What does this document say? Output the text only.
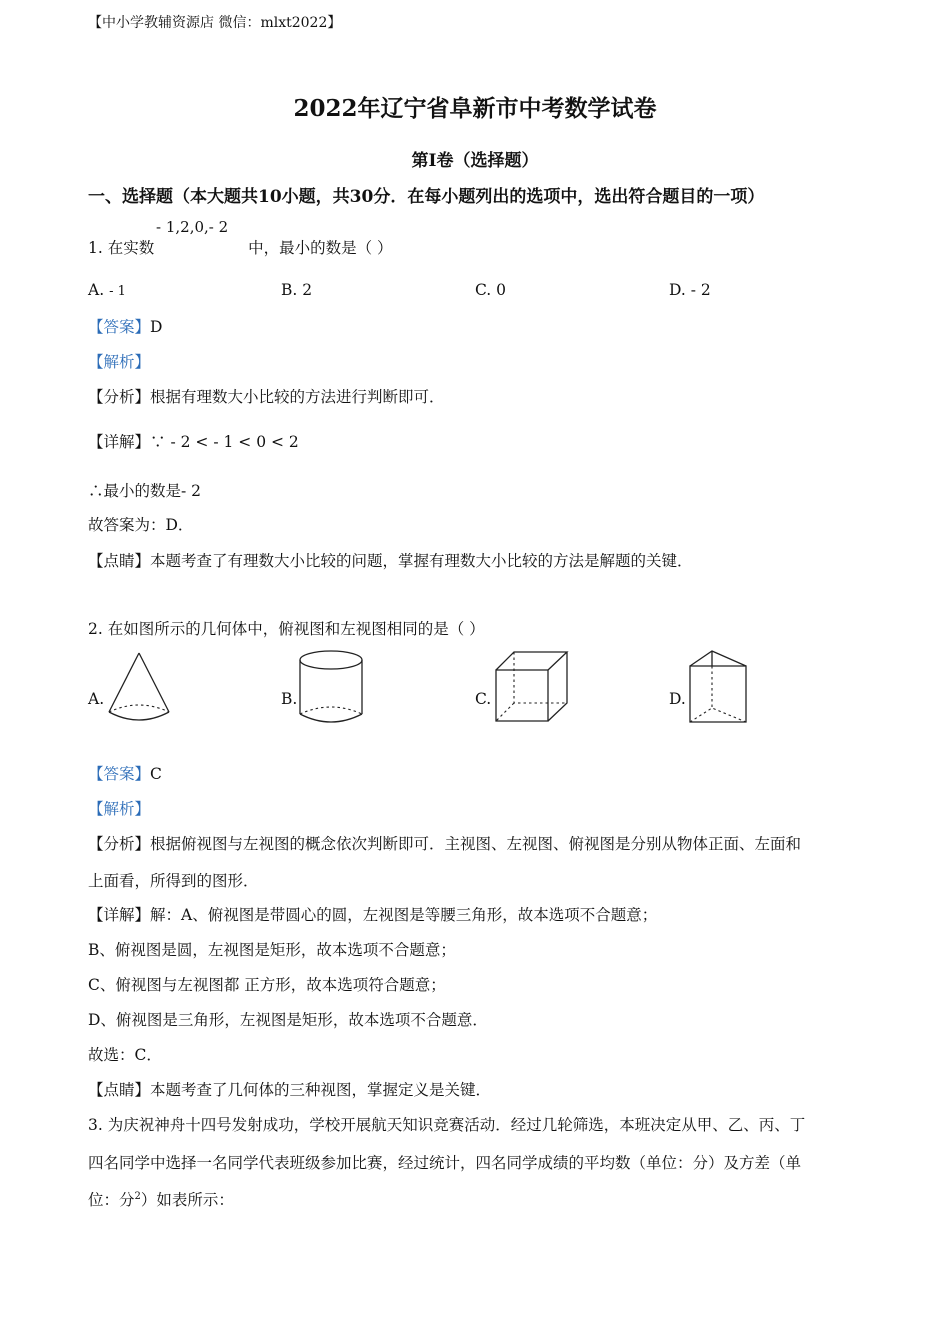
【中小学教辅资源店 微信：mlxt2022】
2022年辽宁省阜新市中考数学试卷
第I卷（选择题）
一、选择题（本大题共10小题，共30分．在每小题列出的选项中，选出符合题目的一项）
1. 在实数	中，最小的数是（ ）
- 1,2,0,- 2
A. - 1	B. 2	C. 0	D. - 2
【答案】D
【解析】
【分析】根据有理数大小比较的方法进行判断即可．
【详解】∵ - 2 < - 1 < 0 < 2
∴最小的数是- 2
故答案为：D．
【点睛】本题考查了有理数大小比较的问题，掌握有理数大小比较的方法是解题的关键．
2. 在如图所示的几何体中，俯视图和左视图相同的是（ ）
A.	B.	C.	D.
【答案】C
【解析】
【分析】根据俯视图与左视图的概念依次判断即可．主视图、左视图、俯视图是分别从物体正面、左面和
上面看，所得到的图形．
【详解】解：A、俯视图是带圆心的圆，左视图是等腰三角形，故本选项不合题意；
B、俯视图是圆，左视图是矩形，故本选项不合题意；
C、俯视图与左视图都 正方形，故本选项符合题意；
D、俯视图是三角形，左视图是矩形，故本选项不合题意．
故选：C．
【点睛】本题考查了几何体的三种视图，掌握定义是关键．
3. 为庆祝神舟十四号发射成功，学校开展航天知识竞赛活动．经过几轮筛选，本班决定从甲、乙、丙、丁
四名同学中选择一名同学代表班级参加比赛，经过统计，四名同学成绩的平均数（单位：分）及方差（单
位：分$^2$）如表所示：
